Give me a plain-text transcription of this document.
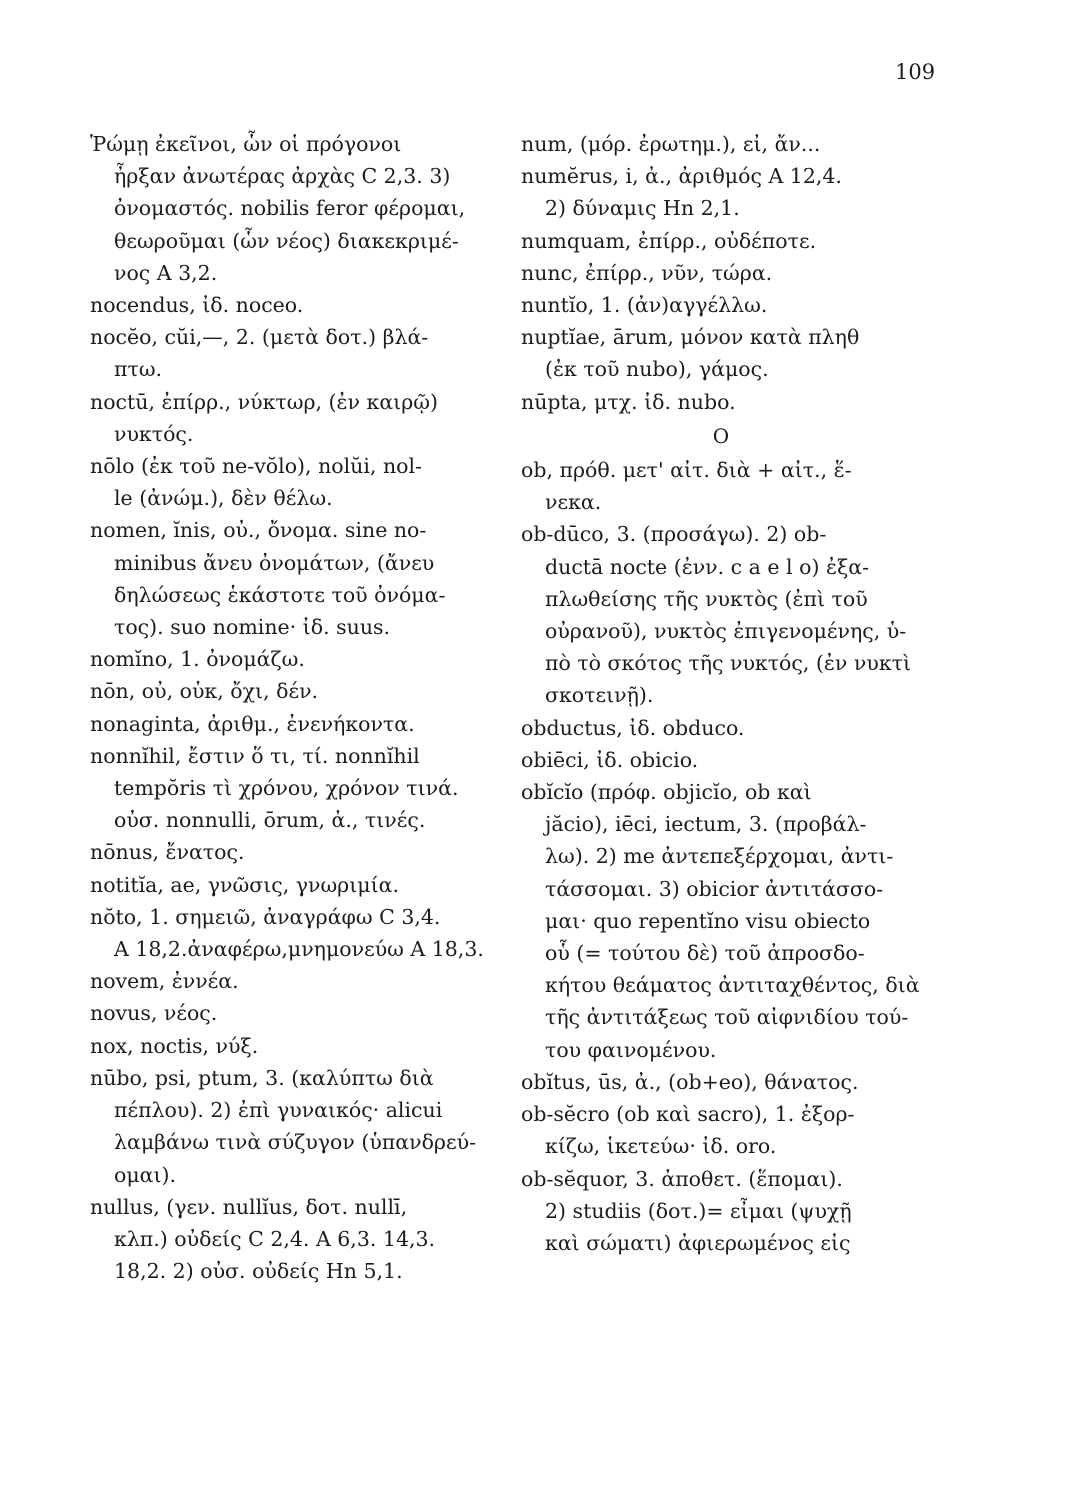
109
Ῥώμῃ ἐκεῖνοι, ὧν οἱ πρόγονοι
ἦρξαν ἀνωτέρας ἀρχὰς C 2,3. 3)
ὀνομαστός. nobilis feror φέρομαι,
θεωροῦμαι (ὧν νέος) διακεκριμέ-
νος A 3,2.
nocendus, ἰδ. noceo.
nocĕo, cŭi,—, 2. (μετὰ δοτ.) βλά-
πτω.
noctū, ἐπίρρ., νύκτωρ, (ἐν καιρῷ)
νυκτός.
nōlo (ἐκ τοῦ ne-vŏlo), nolŭi, nol-
le (ἀνώμ.), δὲν θέλω.
nomen, ĭnis, οὐ., ὄνομα. sine no-
minibus ἄνευ ὀνομάτων, (ἄνευ
δηλώσεως ἑκάστοτε τοῦ ὀνόμα-
τος). suo nomine· ἰδ. suus.
nomĭno, 1. ὀνομάζω.
nōn, οὐ, οὐκ, ὄχι, δέν.
nonaginta, ἀριθμ., ἐνενήκοντα.
nonnĭhil, ἔστιν ὅ τι, τί. nonnĭhil
tempŏris τὶ χρόνου, χρόνον τινά.
οὐσ. nonnulli, ōrum, ἀ., τινές.
nōnus, ἔνατος.
notitĭa, ae, γνῶσις, γνωριμία.
nŏto, 1. σημειῶ, ἀναγράφω C 3,4.
A 18,2.ἀναφέρω,μνημονεύω A 18,3.
novem, ἐννέα.
novus, νέος.
nox, noctis, νύξ.
nūbo, psi, ptum, 3. (καλύπτω διὰ
πέπλου). 2) ἐπὶ γυναικός· alicui
λαμβάνω τινὰ σύζυγον (ὑπανδρεύ-
ομαι).
nullus, (γεν. nullĭus, δοτ. nullī,
κλπ.) οὐδείς C 2,4. A 6,3. 14,3.
18,2. 2) οὐσ. οὐδείς Hn 5,1.
num, (μόρ. ἐρωτημ.), εἰ, ἄν...
numĕrus, i, ἀ., ἀριθμός A 12,4.
2) δύναμις Hn 2,1.
numquam, ἐπίρρ., οὐδέποτε.
nunc, ἐπίρρ., νῦν, τώρα.
nuntĭo, 1. (ἀν)αγγέλλω.
nuptĭae, ārum, μόνον κατὰ πληθ
(ἐκ τοῦ nubo), γάμος.
nūpta, μτχ. ἰδ. nubo.
O
ob, πρόθ. μετ' αἰτ. διὰ + αἰτ., ἕ-
νεκα.
ob-dūco, 3. (προσάγω). 2) ob-
ductā nocte (ἐνν. c a e l o) ἐξα-
πλωθείσης τῆς νυκτὸς (ἐπὶ τοῦ
οὐρανοῦ), νυκτὸς ἐπιγενομένης, ὑ-
πὸ τὸ σκότος τῆς νυκτός, (ἐν νυκτὶ
σκοτεινῇ).
obductus, ἰδ. obduco.
obiēci, ἰδ. obicio.
obĭcĭo (πρόφ. objicĭo, ob καὶ
jăcio), iēci, iectum, 3. (προβάλ-
λω). 2) me ἀντεπεξέρχομαι, ἀντι-
τάσσομαι. 3) obicior ἀντιτάσσο-
μαι· quo repentĭno visu obiecto
οὗ (= τούτου δὲ) τοῦ ἀπροσδο-
κήτου θεάματος ἀντιταχθέντος, διὰ
τῆς ἀντιτάξεως τοῦ αἰφνιδίου τού-
του φαινομένου.
obĭtus, ūs, ἀ., (ob+eo), θάνατος.
ob-sĕcro (ob καὶ sacro), 1. ἐξορ-
κίζω, ἱκετεύω· ἰδ. oro.
ob-sĕquor, 3. ἀποθετ. (ἕπομαι).
2) studiis (δοτ.)= εἶμαι (ψυχῇ
καὶ σώματι) ἀφιερωμένος εἰς
